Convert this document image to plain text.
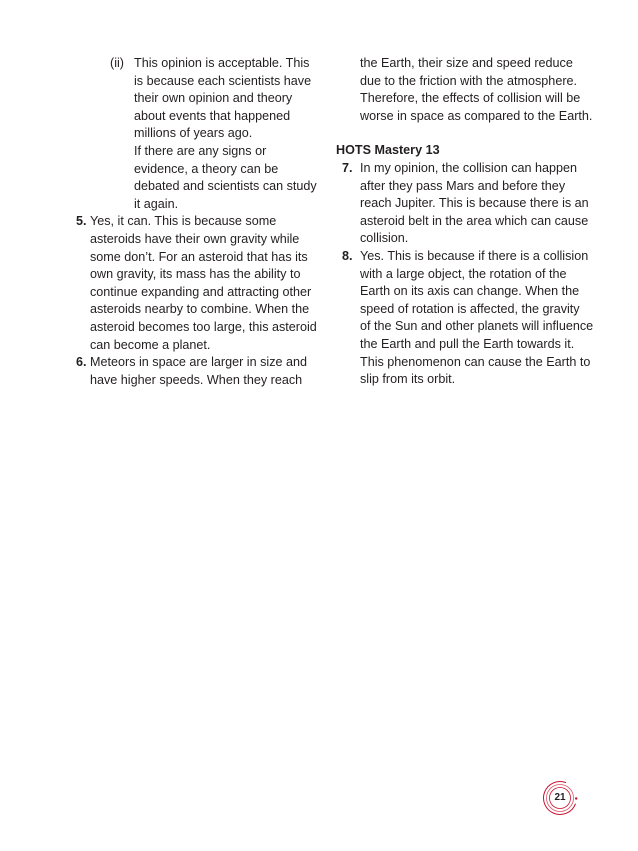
(ii) This opinion is acceptable. This
is because each scientists have
their own opinion and theory
about events that happened
millions of years ago.
If there are any signs or
evidence, a theory can be
debated and scientists can study
it again.
5. Yes, it can. This is because some
asteroids have their own gravity while
some don’t. For an asteroid that has its
own gravity, its mass has the ability to
continue expanding and attracting other
asteroids nearby to combine. When the
asteroid becomes too large, this asteroid
can become a planet.
6. Meteors in space are larger in size and
have higher speeds. When they reach
the Earth, their size and speed reduce
due to the friction with the atmosphere.
Therefore, the effects of collision will be
worse in space as compared to the Earth.
HOTS Mastery 13
7. In my opinion, the collision can happen
after they pass Mars and before they
reach Jupiter. This is because there is an
asteroid belt in the area which can cause
collision.
8. Yes. This is because if there is a collision
with a large object, the rotation of the
Earth on its axis can change. When the
speed of rotation is affected, the gravity
of the Sun and other planets will influence
the Earth and pull the Earth towards it.
This phenomenon can cause the Earth to
slip from its orbit.
21
